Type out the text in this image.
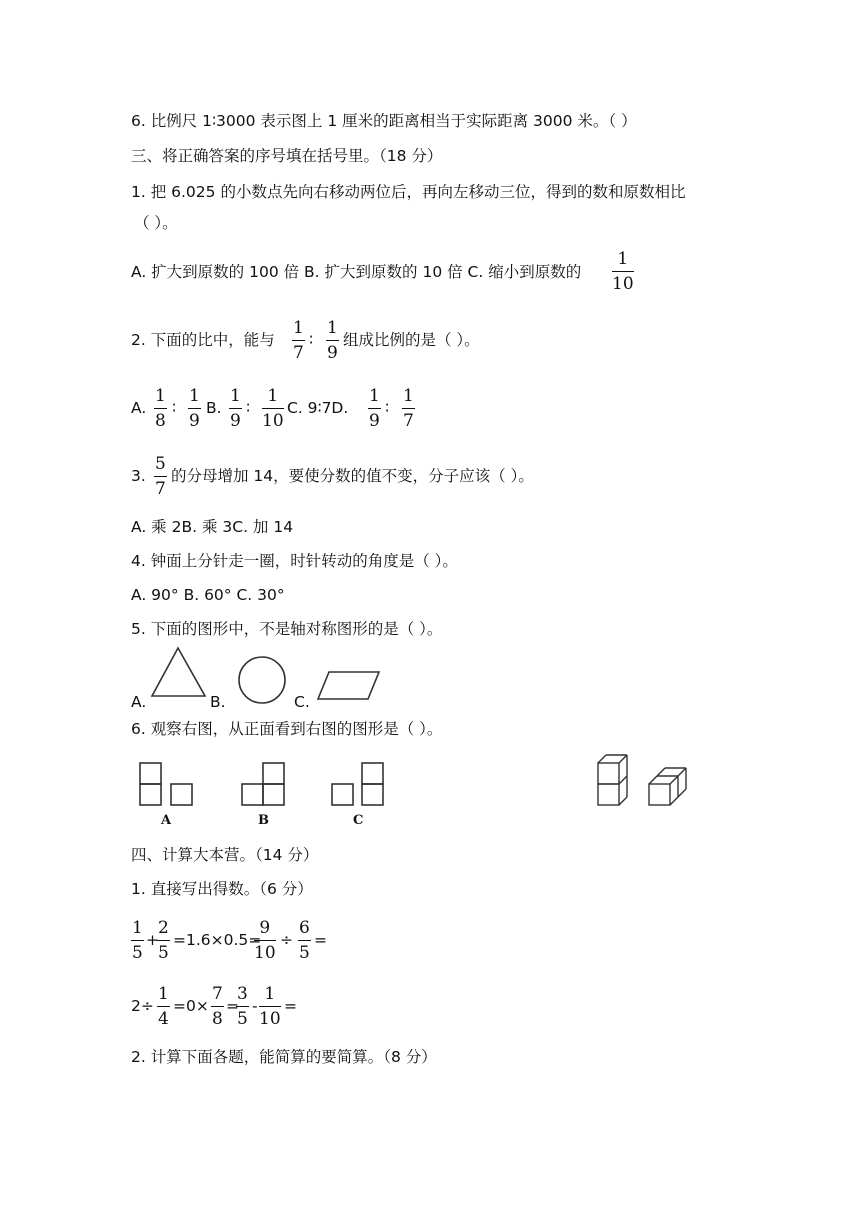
6. 比例尺 1∶3000 表示图上 1 厘米的距离相当于实际距离 3000 米。（ ）
三、将正确答案的序号填在括号里。（18 分）
1. 把 6.025 的小数点先向右移动两位后，再向左移动三位，得到的数和原数相比
（ ）。
A. 扩大到原数的 100 倍 B. 扩大到原数的 10 倍 C. 缩小到原数的 $\frac{1}{10}$
2. 下面的比中，能与 $\frac{1}{7}$ ∶ $\frac{1}{9}$ 组成比例的是（ ）。
A. $\frac{1}{8}$ ∶ $\frac{1}{9} B$. $\frac{1}{9}$ ∶ $\frac{1}{10} C$. 9∶7D. $\frac{1}{9}$ ∶ $\frac{1}{7}$
3. $\frac{5}{7}$ 的分母增加 14，要使分数的值不变，分子应该（ ）。
A. 乘 2B. 乘 3C. 加 14
4. 钟面上分针走一圈，时针转动的角度是（ ）。
A. 90° B. 60° C. 30°
5. 下面的图形中，不是轴对称图形的是（ ）。
A.	B.	C.
6. 观察右图，从正面看到右图的图形是（ ）。
A	B	C
四、计算大本营。（14 分）
1. 直接写出得数。（6 分）
$\frac{1}{5}$ +
$\frac{2}{5} =1.6\times 0.5=$
$\frac{9}{10} \div \frac{6}{5}$ =
$2\div \frac{1}{4} =0\times \frac{7}{8}$ =
$\frac{3}{5} - \frac{1}{10}$ =
2. 计算下面各题，能简算的要简算。（8 分）
